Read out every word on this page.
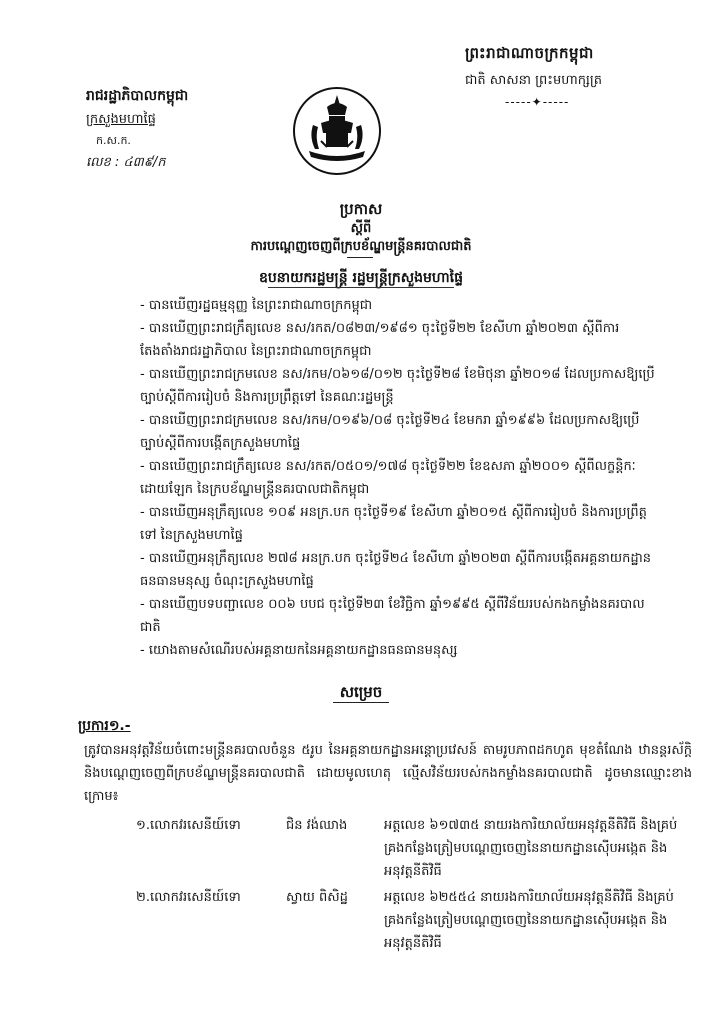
ព្រះរាជាណាចក្រកម្ពុជា
ជាតិ សាសនា ព្រះមហាក្សត្រ
-----✦-----
រាជរដ្ឋាភិបាលកម្ពុជា
ក្រសួងមហាផ្ទៃ
ក.ស.ក.
លេខ : ៤៣៩/ក
ប្រកាស
ស្តីពី
ការបណ្តេញចេញពីក្របខ័ណ្ឌមន្ត្រីនគរបាលជាតិ
ឧបនាយករដ្ឋមន្ត្រី រដ្ឋមន្ត្រីក្រសួងមហាផ្ទៃ
- បានឃើញរដ្ឋធម្មនុញ្ញ នៃព្រះរាជាណាចក្រកម្ពុជា
- បានឃើញព្រះរាជក្រឹត្យលេខ នស/រកត/០៨២៣/១៩៨១ ចុះថ្ងៃទី២២ ខែសីហា ឆ្នាំ២០២៣ ស្តីពីការតែងតាំងរាជរដ្ឋាភិបាល នៃព្រះរាជាណាចក្រកម្ពុជា
- បានឃើញព្រះរាជក្រមលេខ នស/រកម/០៦១៨/០១២ ចុះថ្ងៃទី២៨ ខែមិថុនា ឆ្នាំ២០១៨ ដែលប្រកាសឱ្យប្រើច្បាប់ស្តីពីការរៀបចំ និងការប្រព្រឹត្តទៅ នៃគណៈរដ្ឋមន្ត្រី
- បានឃើញព្រះរាជក្រមលេខ នស/រកម/០១៩៦/០៨ ចុះថ្ងៃទី២៤ ខែមករា ឆ្នាំ១៩៩៦ ដែលប្រកាសឱ្យប្រើច្បាប់ស្តីពីការបង្កើតក្រសួងមហាផ្ទៃ
- បានឃើញព្រះរាជក្រឹត្យលេខ នស/រកត/០៥០១/១៧៨ ចុះថ្ងៃទី២២ ខែឧសភា ឆ្នាំ២០០១ ស្តីពីលក្ខន្តិកៈដោយឡែក នៃក្របខ័ណ្ឌមន្ត្រីនគរបាលជាតិកម្ពុជា
- បានឃើញអនុក្រឹត្យលេខ ១០៩ អនក្រ.បក ចុះថ្ងៃទី១៩ ខែសីហា ឆ្នាំ២០១៥ ស្តីពីការរៀបចំ និងការប្រព្រឹត្តទៅ នៃក្រសួងមហាផ្ទៃ
- បានឃើញអនុក្រឹត្យលេខ ២៧៨ អនក្រ.បក ចុះថ្ងៃទី២៤ ខែសីហា ឆ្នាំ២០២៣ ស្តីពីការបង្កើតអគ្គនាយកដ្ឋានធនធានមនុស្ស ចំណុះក្រសួងមហាផ្ទៃ
- បានឃើញបទបញ្ជាលេខ ០០៦ បបជ ចុះថ្ងៃទី២៣ ខែវិច្ឆិកា ឆ្នាំ១៩៩៥ ស្តីពីវិន័យរបស់កងកម្លាំងនគរបាលជាតិ
- យោងតាមសំណើរបស់អគ្គនាយកនៃអគ្គនាយកដ្ឋានធនធានមនុស្ស
សម្រេច
ប្រការ១.-
ត្រូវបានអនុវត្តវិន័យចំពោះមន្ត្រីនគរបាលចំនួន ៥រូប នៃអគ្គនាយកដ្ឋានអន្តោប្រវេសន៍ តាមរូបភាពដកហូត មុខតំណែង ឋានន្តរស័ក្តិ និងបណ្តេញចេញពីក្របខ័ណ្ឌមន្ត្រីនគរបាលជាតិ ដោយមូលហេតុ ល្មើសវិន័យរបស់កងកម្លាំងនគរបាលជាតិ ដូចមានឈ្មោះខាងក្រោម៖
១.លោកវរសេនីយ៍ទោ	ជិន វង់ឈាង	អត្តលេខ ៦១៧៣៥ នាយរងការិយាល័យអនុវត្តនីតិវិធី និងគ្រប់គ្រងកន្លែងត្រៀមបណ្តេញចេញនៃនាយកដ្ឋានស៊ើបអង្កេត និងអនុវត្តនីតិវិធី
២.លោកវរសេនីយ៍ទោ	ស្វាយ ពិសិដ្ឋ	អត្តលេខ ៦២៥៥៤ នាយរងការិយាល័យអនុវត្តនីតិវិធី និងគ្រប់គ្រងកន្លែងត្រៀមបណ្តេញចេញនៃនាយកដ្ឋានស៊ើបអង្កេត និងអនុវត្តនីតិវិធី
